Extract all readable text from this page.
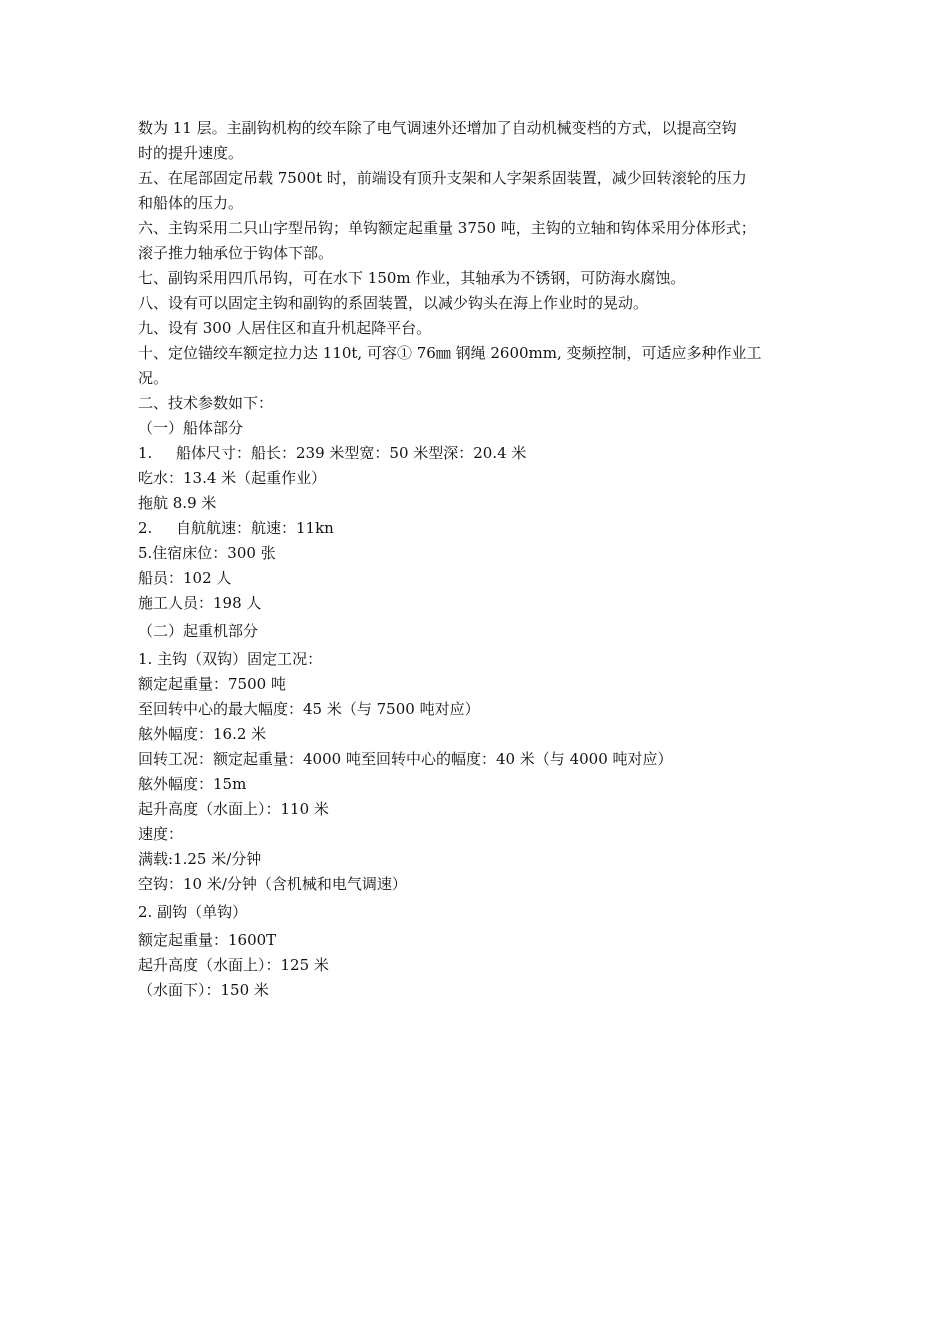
数为 11 层。主副钩机构的绞车除了电气调速外还增加了自动机械变档的方式，以提高空钩
时的提升速度。
五、在尾部固定吊载 7500t 时，前端设有顶升支架和人字架系固装置，减少回转滚轮的压力
和船体的压力。
六、主钩采用二只山字型吊钩；单钩额定起重量 3750 吨，主钩的立轴和钩体采用分体形式；
滚子推力轴承位于钩体下部。
七、副钩采用四爪吊钩，可在水下 150m 作业，其轴承为不锈钢，可防海水腐蚀。
八、设有可以固定主钩和副钩的系固装置，以减少钩头在海上作业时的晃动。
九、设有 300 人居住区和直升机起降平台。
十、定位锚绞车额定拉力达 110t, 可容① 76㎜ 钢绳 2600mm, 变频控制，可适应多种作业工
况。
二、技术参数如下：
（一）船体部分
1. 船体尺寸：船长：239 米型宽：50 米型深：20.4 米
吃水：13.4 米（起重作业）
拖航 8.9 米
2. 自航航速：航速：11kn
5.住宿床位：300 张
船员：102 人
施工人员：198 人
（二）起重机部分
1. 主钩（双钩）固定工况：
额定起重量：7500 吨
至回转中心的最大幅度：45 米（与 7500 吨对应）
舷外幅度：16.2 米
回转工况：额定起重量：4000 吨至回转中心的幅度：40 米（与 4000 吨对应）
舷外幅度：15m
起升高度（水面上）：110 米
速度：
满载:1.25 米/分钟
空钩：10 米/分钟（含机械和电气调速）
2. 副钩（单钩）
额定起重量：1600T
起升高度（水面上）：125 米
（水面下）：150 米
